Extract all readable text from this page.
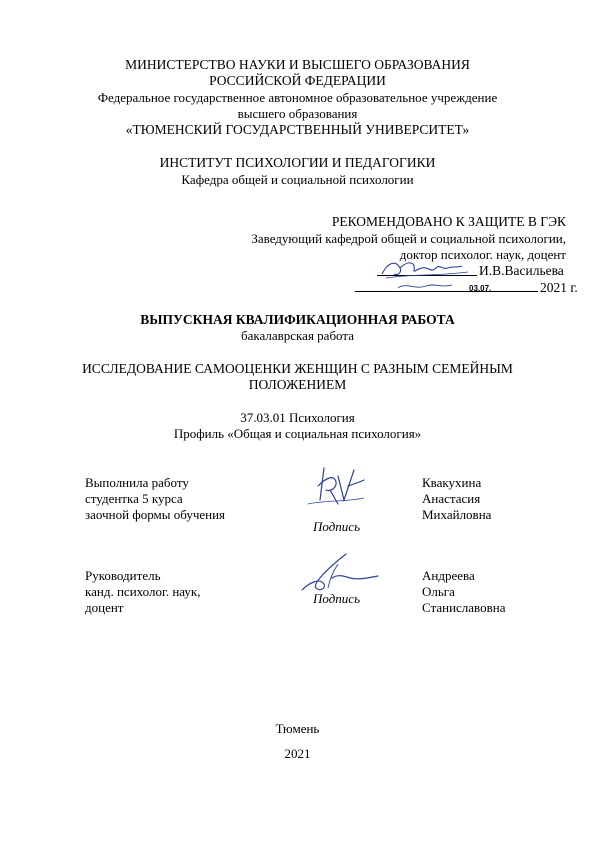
МИНИСТЕРСТВО НАУКИ И ВЫСШЕГО ОБРАЗОВАНИЯ
РОССИЙСКОЙ ФЕДЕРАЦИИ
Федеральное государственное автономное образовательное учреждение
высшего образования
«ТЮМЕНСКИЙ ГОСУДАРСТВЕННЫЙ УНИВЕРСИТЕТ»
ИНСТИТУТ ПСИХОЛОГИИ И ПЕДАГОГИКИ
Кафедра общей и социальной психологии
РЕКОМЕНДОВАНО К ЗАЩИТЕ В ГЭК
Заведующий кафедрой общей и социальной психологии,
доктор психолог. наук, доцент
И.В.Васильева
03.07.	2021 г.
ВЫПУСКНАЯ КВАЛИФИКАЦИОННАЯ РАБОТА
бакалаврская работа
ИССЛЕДОВАНИЕ САМООЦЕНКИ ЖЕНЩИН С РАЗНЫМ СЕМЕЙНЫМ
ПОЛОЖЕНИЕМ
37.03.01 Психология
Профиль «Общая и социальная психология»
Выполнила работу
студентка 5 курса
заочной формы обучения
Подпись
Квакухина
Анастасия
Михайловна
Руководитель
канд. психолог. наук,
доцент
Подпись
Андреева
Ольга
Станиславовна
Тюмень
2021
